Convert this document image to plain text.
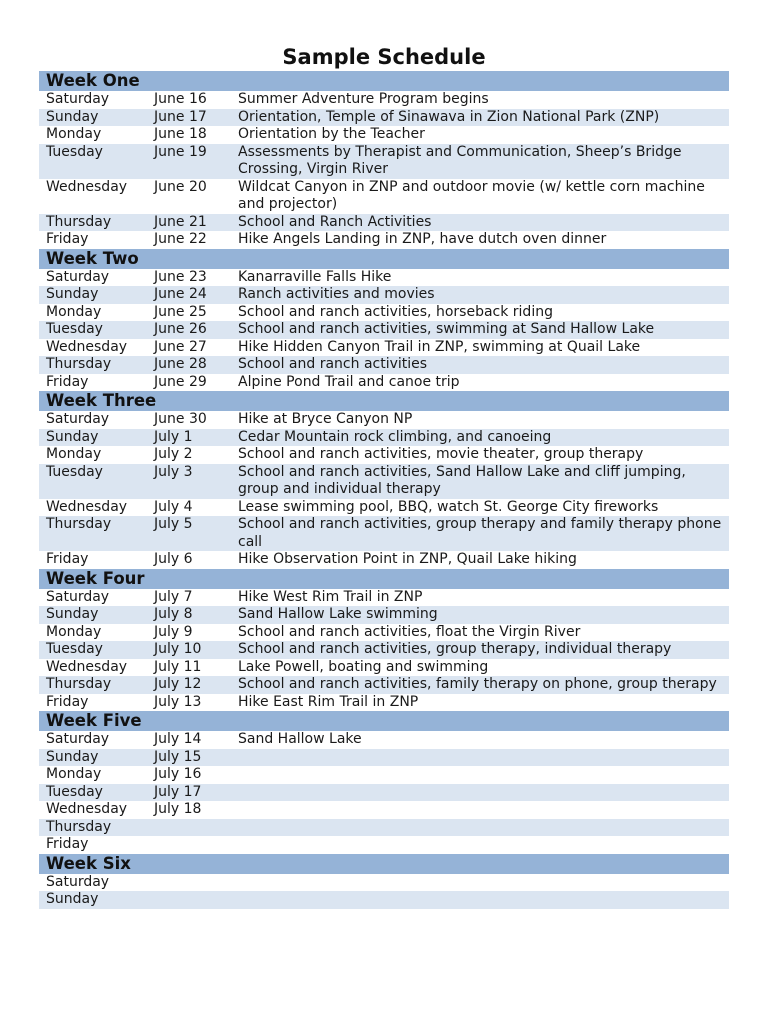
Sample Schedule
Week One
Saturday	June 16	Summer Adventure Program begins
Sunday	June 17	Orientation, Temple of Sinawava in Zion National Park (ZNP)
Monday	June 18	Orientation by the Teacher
Tuesday	June 19	Assessments by Therapist and Communication, Sheep’s Bridge Crossing, Virgin River
Wednesday	June 20	Wildcat Canyon in ZNP and outdoor movie (w/ kettle corn machine and projector)
Thursday	June 21	School and Ranch Activities
Friday	June 22	Hike Angels Landing in ZNP, have dutch oven dinner
Week Two
Saturday	June 23	Kanarraville Falls Hike
Sunday	June 24	Ranch activities and movies
Monday	June 25	School and ranch activities, horseback riding
Tuesday	June 26	School and ranch activities, swimming at Sand Hallow Lake
Wednesday	June 27	Hike Hidden Canyon Trail in ZNP, swimming at Quail Lake
Thursday	June 28	School and ranch activities
Friday	June 29	Alpine Pond Trail and canoe trip
Week Three
Saturday	June 30	Hike at Bryce Canyon NP
Sunday	July 1	Cedar Mountain rock climbing, and canoeing
Monday	July 2	School and ranch activities, movie theater, group therapy
Tuesday	July 3	School and ranch activities, Sand Hallow Lake and cliff jumping, group and individual therapy
Wednesday	July 4	Lease swimming pool, BBQ, watch St. George City fireworks
Thursday	July 5	School and ranch activities, group therapy and family therapy phone call
Friday	July 6	Hike Observation Point in ZNP, Quail Lake hiking
Week Four
Saturday	July 7	Hike West Rim Trail in ZNP
Sunday	July 8	Sand Hallow Lake swimming
Monday	July 9	School and ranch activities, float the Virgin River
Tuesday	July 10	School and ranch activities, group therapy, individual therapy
Wednesday	July 11	Lake Powell, boating and swimming
Thursday	July 12	School and ranch activities, family therapy on phone, group therapy
Friday	July 13	Hike East Rim Trail in ZNP
Week Five
Saturday	July 14	Sand Hallow Lake
Sunday	July 15
Monday	July 16
Tuesday	July 17
Wednesday	July 18
Thursday
Friday
Week Six
Saturday
Sunday
